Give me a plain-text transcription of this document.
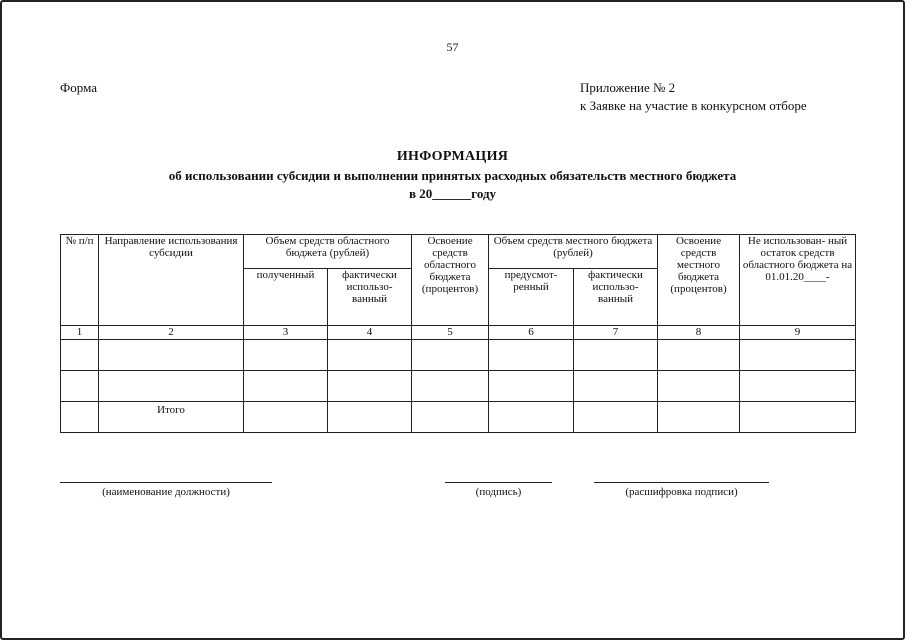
57
Форма	Приложение № 2
к Заявке на участие в конкурсном отборе
ИНФОРМАЦИЯ
об использовании субсидии и выполнении принятых расходных обязательств местного бюджета
в 20______году
№ п/п	Направление использования субсидии	Объем средств областного бюджета (рублей)		Освоение средств областного бюджета (процентов)	Объем средств местного бюджета (рублей)		Освоение средств местного бюджета (процентов)	Не использован- ный остаток средств областного бюджета на 01.01.20____-
		полученный	фактически использо- ванный		предусмот- ренный	фактически использо- ванный		
1	2	3	4	5	6	7	8	9

	Итого							
(наименование должности)	(подпись)	(расшифровка подписи)
